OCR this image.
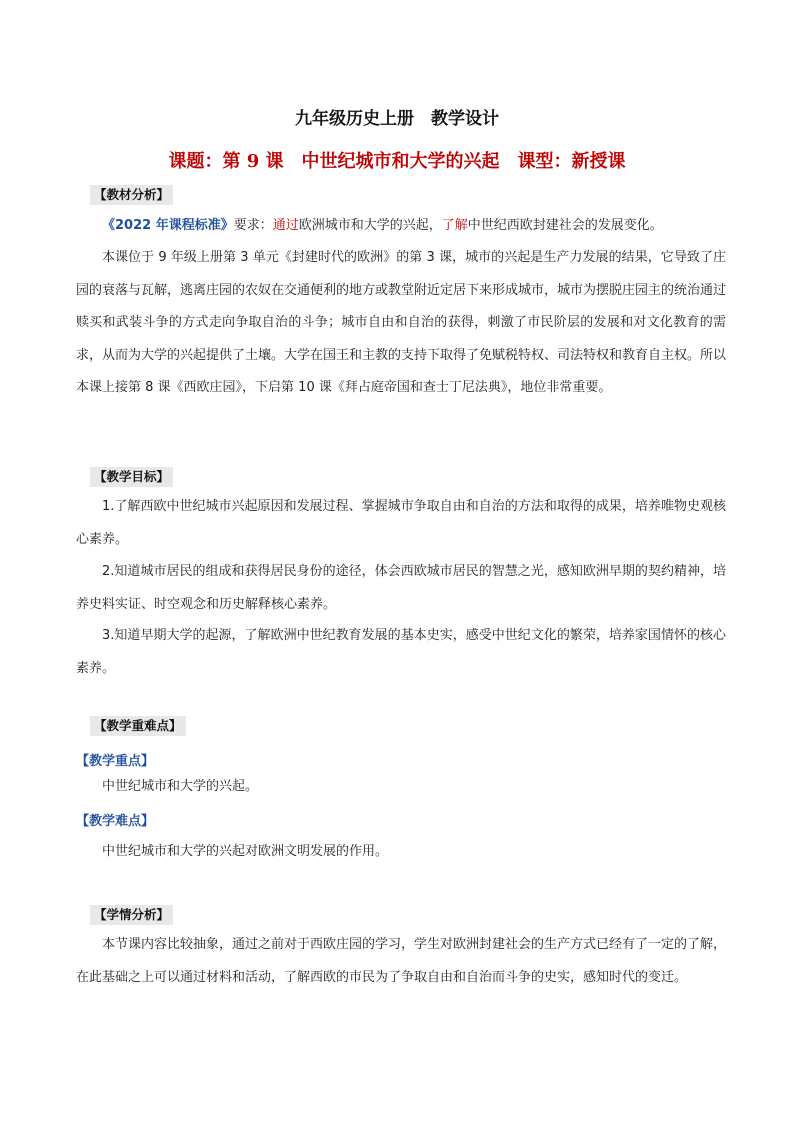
九年级历史上册　教学设计
课题：第 9 课　中世纪城市和大学的兴起　课型：新授课
【教材分析】

《2022 年课程标准》要求：通过欧洲城市和大学的兴起，了解中世纪西欧封建社会的发展变化。

本课位于 9 年级上册第 3 单元《封建时代的欧洲》的第 3 课，城市的兴起是生产力发展的结果，它导致了庄园的衰落与瓦解，逃离庄园的农奴在交通便利的地方或教堂附近定居下来形成城市，城市为摆脱庄园主的统治通过赎买和武装斗争的方式走向争取自治的斗争；城市自由和自治的获得，刺激了市民阶层的发展和对文化教育的需求，从而为大学的兴起提供了土壤。大学在国王和主教的支持下取得了免赋税特权、司法特权和教育自主权。所以本课上接第 8 课《西欧庄园》，下启第 10 课《拜占庭帝国和查士丁尼法典》，地位非常重要。

【教学目标】

1.了解西欧中世纪城市兴起原因和发展过程、掌握城市争取自由和自治的方法和取得的成果，培养唯物史观核心素养。

2.知道城市居民的组成和获得居民身份的途径，体会西欧城市居民的智慧之光，感知欧洲早期的契约精神，培养史料实证、时空观念和历史解释核心素养。

3.知道早期大学的起源，了解欧洲中世纪教育发展的基本史实，感受中世纪文化的繁荣，培养家国情怀的核心素养。

【教学重难点】
【教学重点】

中世纪城市和大学的兴起。

【教学难点】

中世纪城市和大学的兴起对欧洲文明发展的作用。

【学情分析】

本节课内容比较抽象，通过之前对于西欧庄园的学习，学生对欧洲封建社会的生产方式已经有了一定的了解，在此基础之上可以通过材料和活动，了解西欧的市民为了争取自由和自治而斗争的史实，感知时代的变迁。
